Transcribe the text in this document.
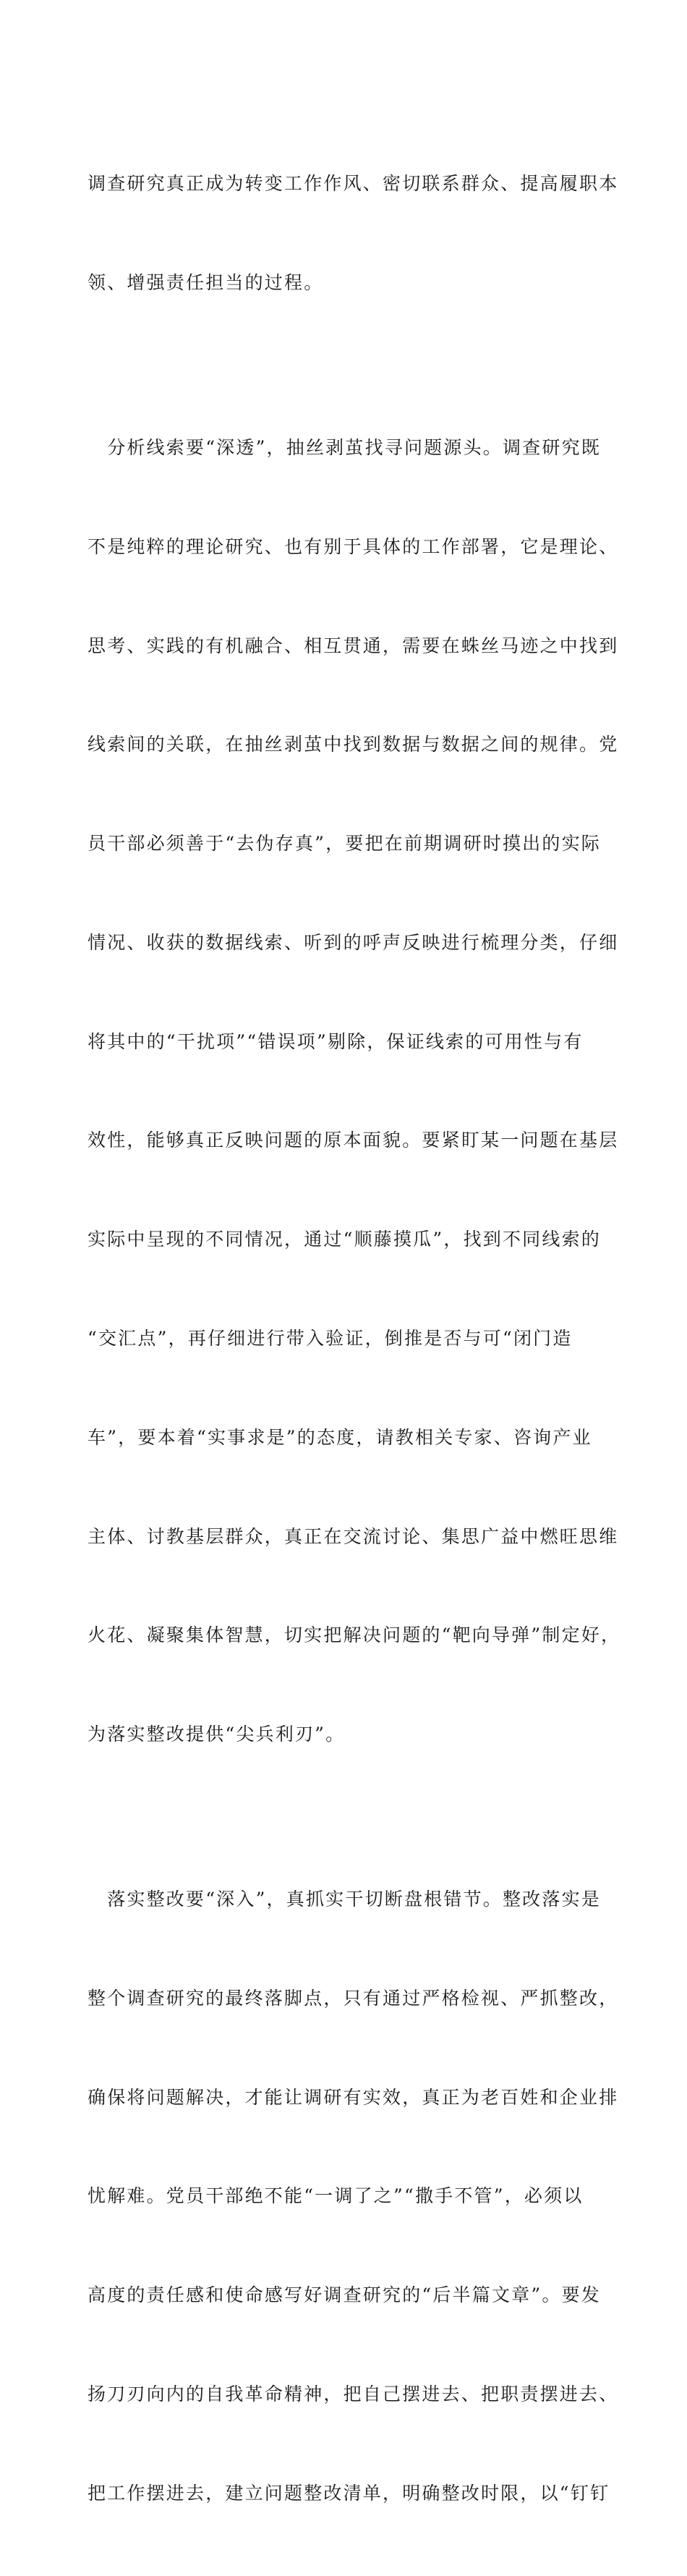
调查研究真正成为转变工作作风、密切联系群众、提高履职本

领、增强责任担当的过程。

　分析线索要“深透”，抽丝剥茧找寻问题源头。调查研究既

不是纯粹的理论研究、也有别于具体的工作部署，它是理论、

思考、实践的有机融合、相互贯通，需要在蛛丝马迹之中找到

线索间的关联，在抽丝剥茧中找到数据与数据之间的规律。党

员干部必须善于“去伪存真”，要把在前期调研时摸出的实际

情况、收获的数据线索、听到的呼声反映进行梳理分类，仔细

将其中的“干扰项”“错误项”剔除，保证线索的可用性与有

效性，能够真正反映问题的原本面貌。要紧盯某一问题在基层

实际中呈现的不同情况，通过“顺藤摸瓜”，找到不同线索的

“交汇点”，再仔细进行带入验证，倒推是否与可“闭门造

车”，要本着“实事求是”的态度，请教相关专家、咨询产业

主体、讨教基层群众，真正在交流讨论、集思广益中燃旺思维

火花、凝聚集体智慧，切实把解决问题的“靶向导弹”制定好，

为落实整改提供“尖兵利刃”。

　落实整改要“深入”，真抓实干切断盘根错节。整改落实是

整个调查研究的最终落脚点，只有通过严格检视、严抓整改，

确保将问题解决，才能让调研有实效，真正为老百姓和企业排

忧解难。党员干部绝不能“一调了之”“撒手不管”，必须以

高度的责任感和使命感写好调查研究的“后半篇文章”。要发

扬刀刃向内的自我革命精神，把自己摆进去、把职责摆进去、

把工作摆进去，建立问题整改清单，明确整改时限，以“钉钉
